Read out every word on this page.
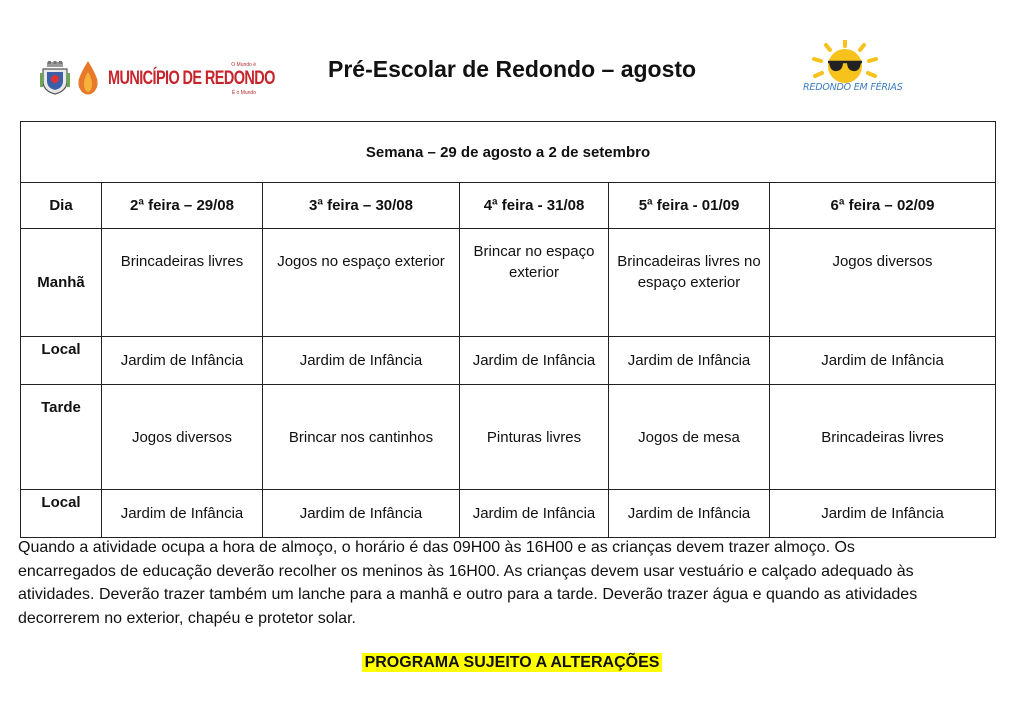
O Mundo é
MUNICÍPIO DE REDONDO
É o Mundo
Pré-Escolar de Redondo – agosto
REDONDO EM FÉRIAS
Semana – 29 de agosto a 2 de setembro					
Dia	2ª feira – 29/08	3ª feira – 30/08	4ª feira - 31/08	5ª feira - 01/09	6ª feira – 02/09
Manhã	Brincadeiras livres	Jogos no espaço exterior	Brincar no espaço exterior	Brincadeiras livres no espaço exterior	Jogos diversos
Local	Jardim de Infância	Jardim de Infância	Jardim de Infância	Jardim de Infância	Jardim de Infância
Tarde	Jogos diversos	Brincar nos cantinhos	Pinturas livres	Jogos de mesa	Brincadeiras livres
Local	Jardim de Infância	Jardim de Infância	Jardim de Infância	Jardim de Infância	Jardim de Infância

Quando a atividade ocupa a hora de almoço, o horário é das 09H00 às 16H00 e as crianças devem trazer almoço. Os

encarregados de educação deverão recolher os meninos às 16H00. As crianças devem usar vestuário e calçado adequado às

atividades. Deverão trazer também um lanche para a manhã e outro para a tarde. Deverão trazer água e quando as atividades

decorrerem no exterior, chapéu e protetor solar.

PROGRAMA SUJEITO A ALTERAÇÕES
